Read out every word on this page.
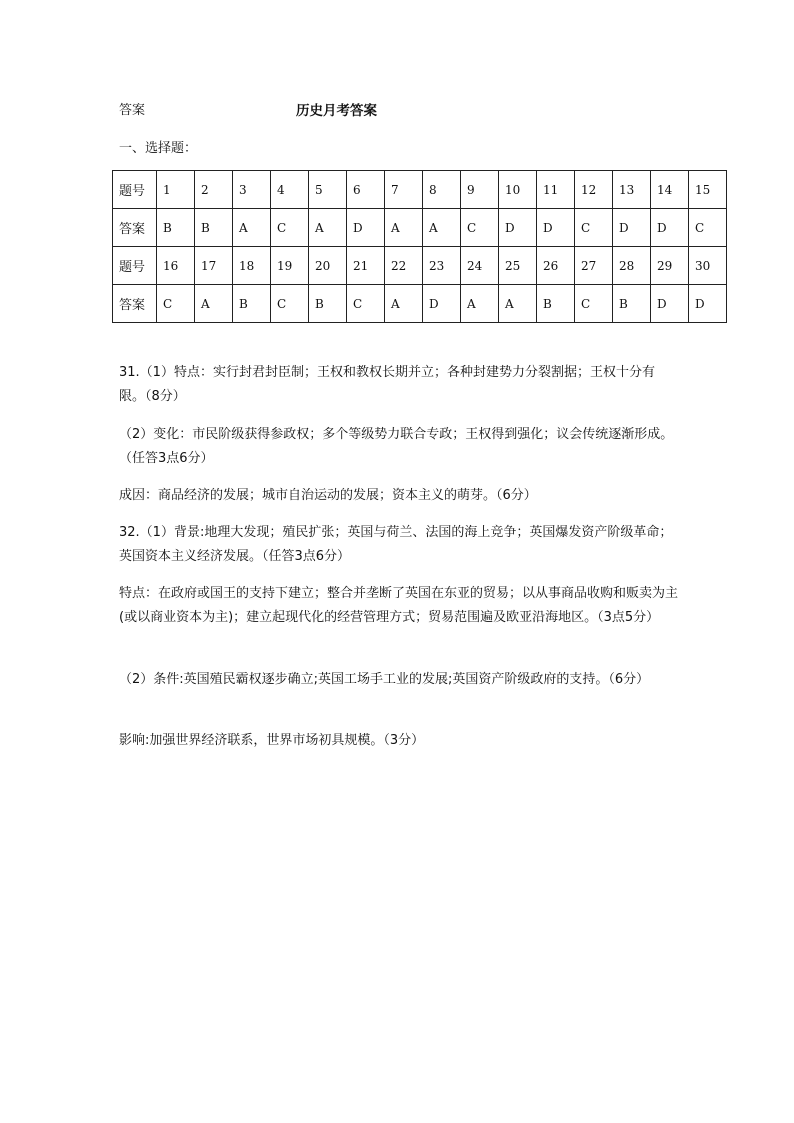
答案	历史月考答案
一、选择题：
题号	1	2	3	4	5	6	7	8	9	10	11	12	13	14	15
答案	B	B	A	C	A	D	A	A	C	D	D	C	D	D	C
题号	16	17	18	19	20	21	22	23	24	25	26	27	28	29	30
答案	C	A	B	C	B	C	A	D	A	A	B	C	B	D	D
31.（1）特点：实行封君封臣制；王权和教权长期并立；各种封建势力分裂割据；王权十分有限。（8分）
（2）变化：市民阶级获得参政权；多个等级势力联合专政；王权得到强化；议会传统逐渐形成。（任答3点6分）
成因：商品经济的发展；城市自治运动的发展；资本主义的萌芽。（6分）
32.（1）背景:地理大发现；殖民扩张；英国与荷兰、法国的海上竞争；英国爆发资产阶级革命；英国资本主义经济发展。（任答3点6分）
特点：在政府或国王的支持下建立；整合并垄断了英国在东亚的贸易；以从事商品收购和贩卖为主(或以商业资本为主)；建立起现代化的经营管理方式；贸易范围遍及欧亚沿海地区。（3点5分）
（2）条件:英国殖民霸权逐步确立;英国工场手工业的发展;英国资产阶级政府的支持。（6分）
影响:加强世界经济联系，世界市场初具规模。（3分）
